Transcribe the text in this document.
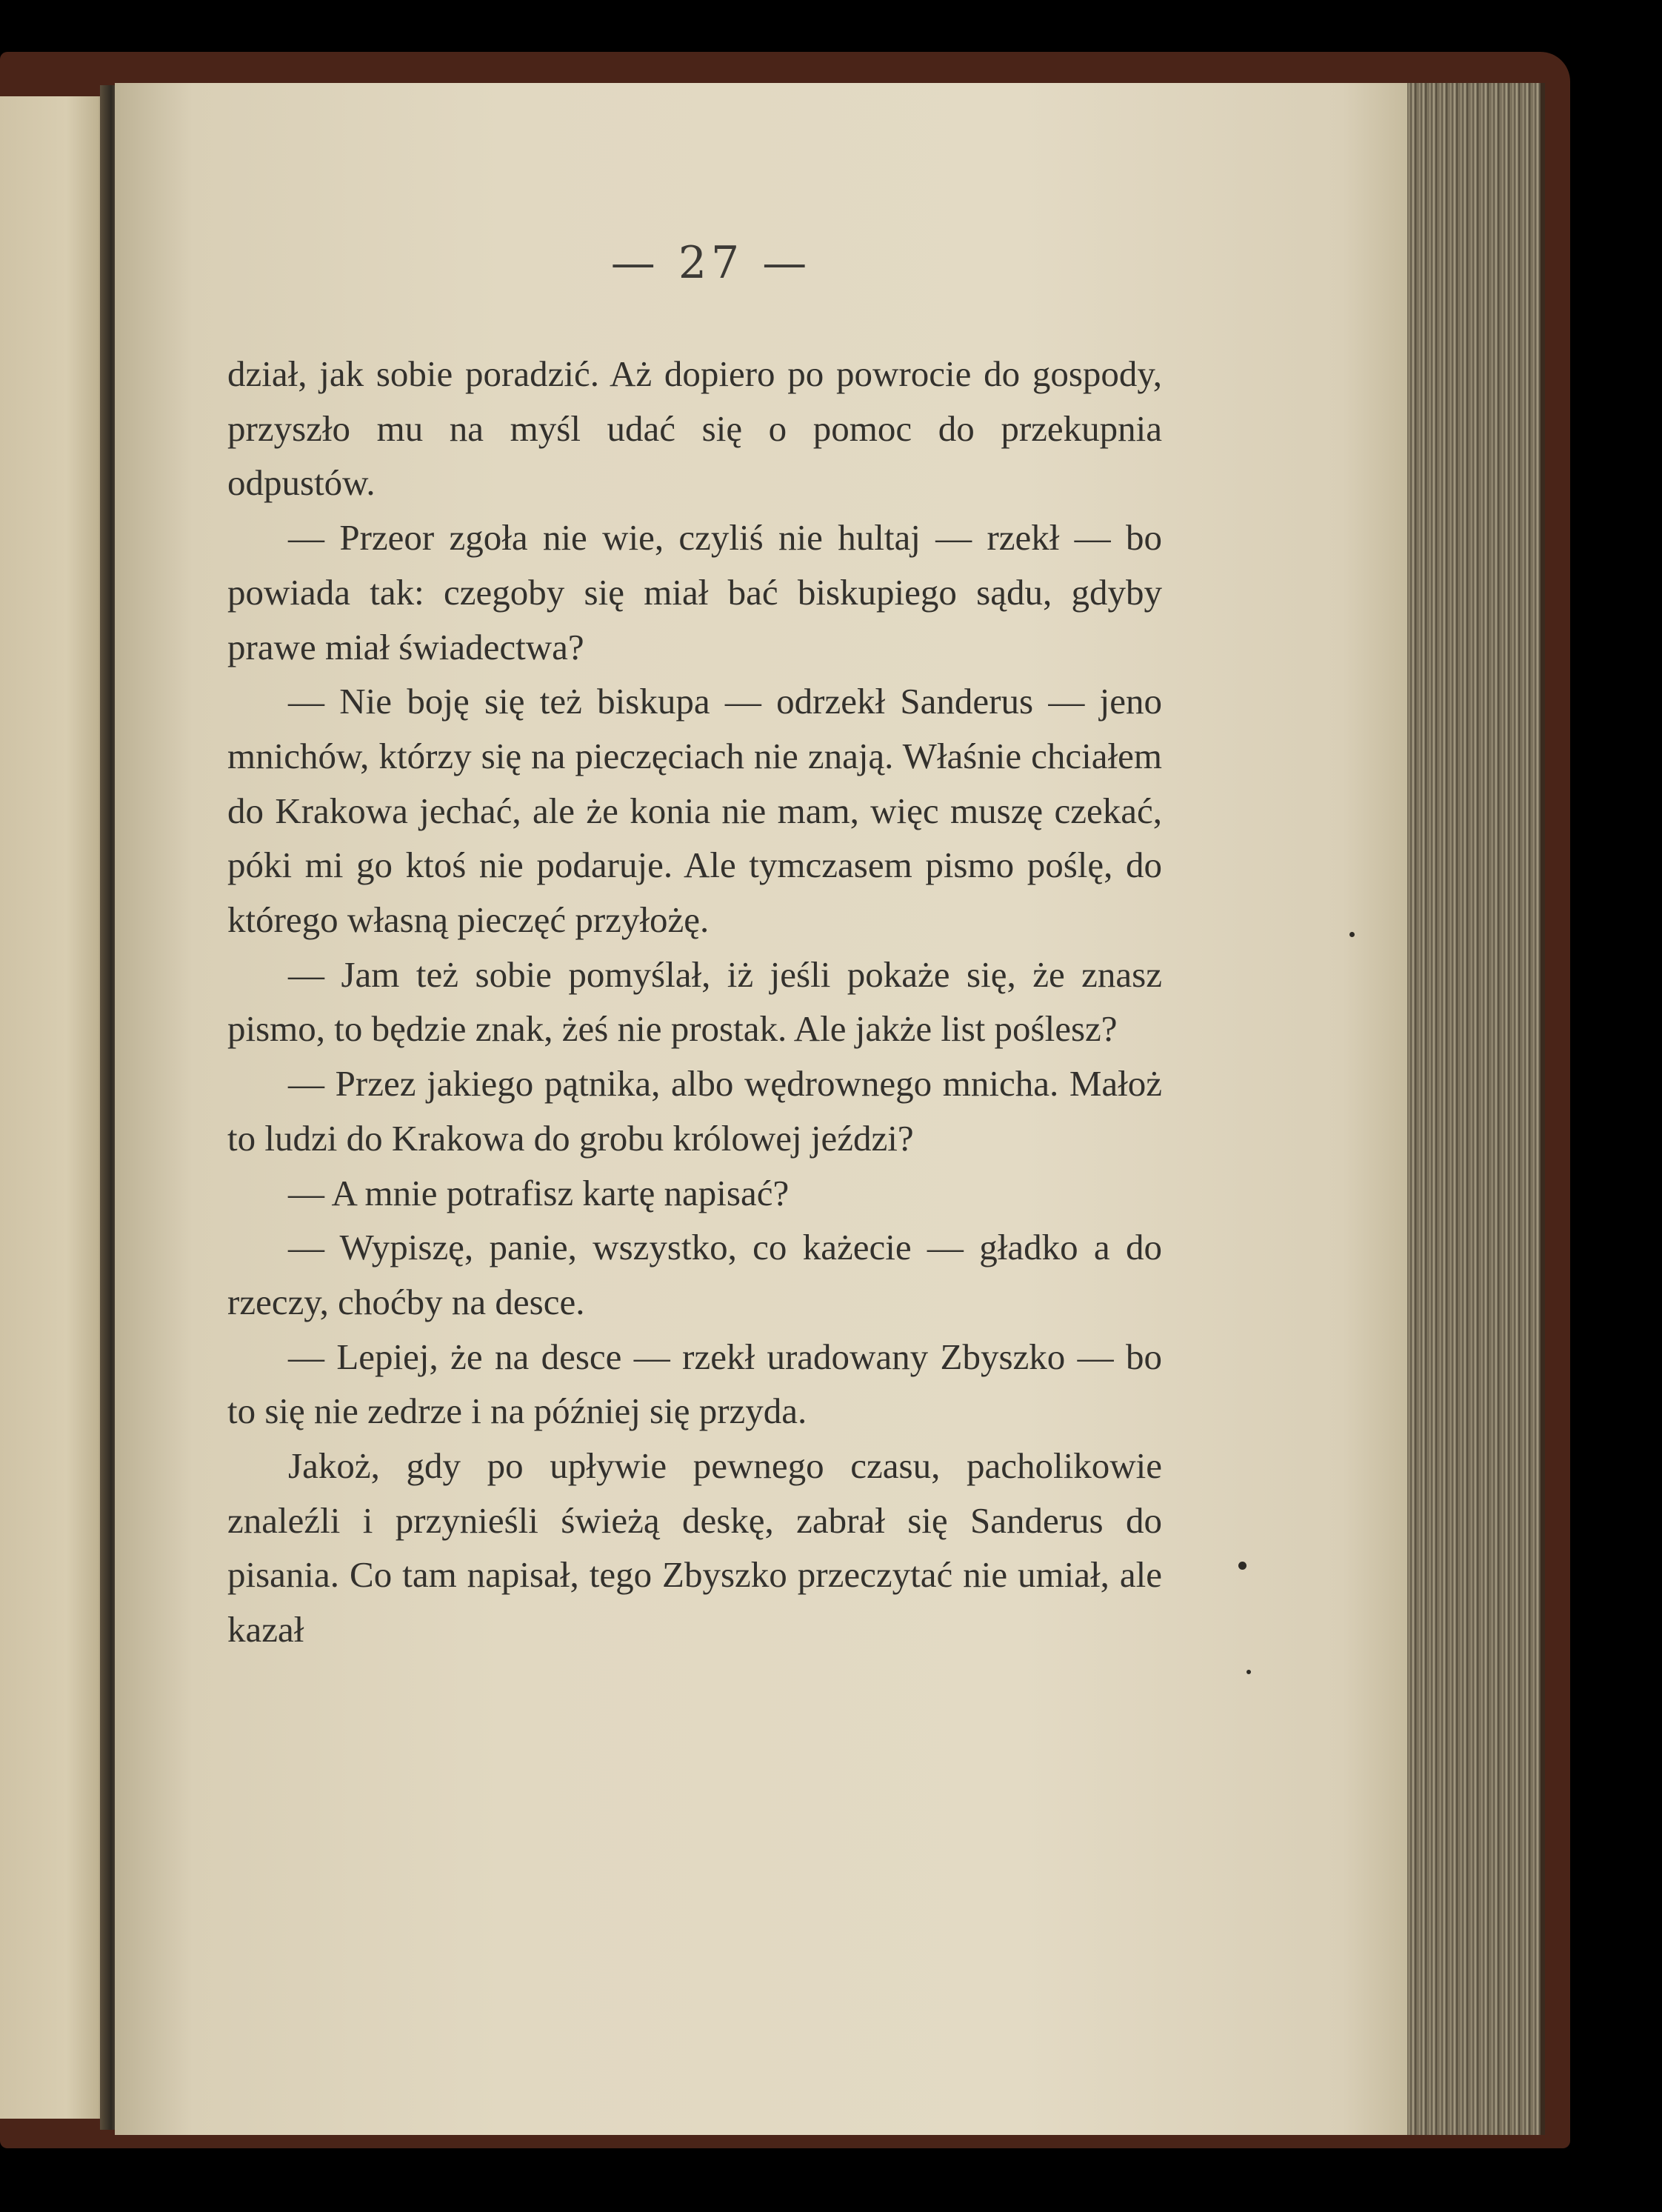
— 27 —

dział, jak sobie poradzić. Aż dopiero po powrocie do gospody, przyszło mu na myśl udać się o pomoc do przekupnia odpustów.

— Przeor zgoła nie wie, czyliś nie hultaj — rzekł — bo powiada tak: czegoby się miał bać biskupiego sądu, gdyby prawe miał świadectwa?

— Nie boję się też biskupa — odrzekł Sanderus — jeno mnichów, którzy się na pieczęciach nie znają. Właśnie chciałem do Krakowa jechać, ale że konia nie mam, więc muszę czekać, póki mi go ktoś nie podaruje. Ale tymczasem pismo poślę, do którego własną pieczęć przyłożę.

— Jam też sobie pomyślał, iż jeśli pokaże się, że znasz pismo, to będzie znak, żeś nie prostak. Ale jakże list poślesz?

— Przez jakiego pątnika, albo wędrownego mnicha. Małoż to ludzi do Krakowa do grobu królowej jeździ?

— A mnie potrafisz kartę napisać?

— Wypiszę, panie, wszystko, co każecie — gładko a do rzeczy, choćby na desce.

— Lepiej, że na desce — rzekł uradowany Zbyszko — bo to się nie zedrze i na później się przyda.

Jakoż, gdy po upływie pewnego czasu, pacholikowie znaleźli i przynieśli świeżą deskę, zabrał się Sanderus do pisania. Co tam napisał, tego Zbyszko przeczytać nie umiał, ale kazał
